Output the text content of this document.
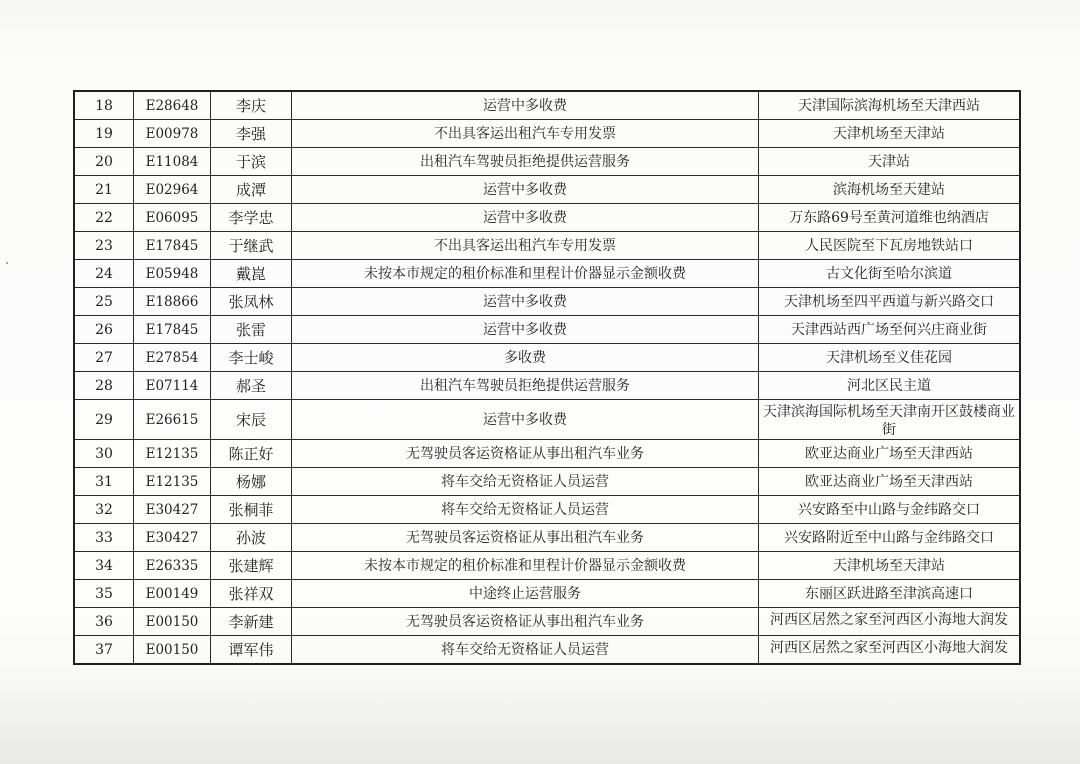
18	E28648	李庆	运营中多收费	天津国际滨海机场至天津西站
19	E00978	李强	不出具客运出租汽车专用发票	天津机场至天津站
20	E11084	于滨	出租汽车驾驶员拒绝提供运营服务	天津站
21	E02964	成潭	运营中多收费	滨海机场至天建站
22	E06095	李学忠	运营中多收费	万东路69号至黄河道维也纳酒店
23	E17845	于继武	不出具客运出租汽车专用发票	人民医院至下瓦房地铁站口
24	E05948	戴崑	未按本市规定的租价标准和里程计价器显示金额收费	古文化街至哈尔滨道
25	E18866	张凤林	运营中多收费	天津机场至四平西道与新兴路交口
26	E17845	张雷	运营中多收费	天津西站西广场至何兴庄商业街
27	E27854	李士峻	多收费	天津机场至义佳花园
28	E07114	郝圣	出租汽车驾驶员拒绝提供运营服务	河北区民主道
29	E26615	宋辰	运营中多收费	天津滨海国际机场至天津南开区鼓楼商业街
30	E12135	陈正好	无驾驶员客运资格证从事出租汽车业务	欧亚达商业广场至天津西站
31	E12135	杨娜	将车交给无资格证人员运营	欧亚达商业广场至天津西站
32	E30427	张桐菲	将车交给无资格证人员运营	兴安路至中山路与金纬路交口
33	E30427	孙波	无驾驶员客运资格证从事出租汽车业务	兴安路附近至中山路与金纬路交口
34	E26335	张建辉	未按本市规定的租价标准和里程计价器显示金额收费	天津机场至天津站
35	E00149	张祥双	中途终止运营服务	东丽区跃进路至津滨高速口
36	E00150	李新建	无驾驶员客运资格证从事出租汽车业务	河西区居然之家至河西区小海地大润发
37	E00150	谭军伟	将车交给无资格证人员运营	河西区居然之家至河西区小海地大润发
